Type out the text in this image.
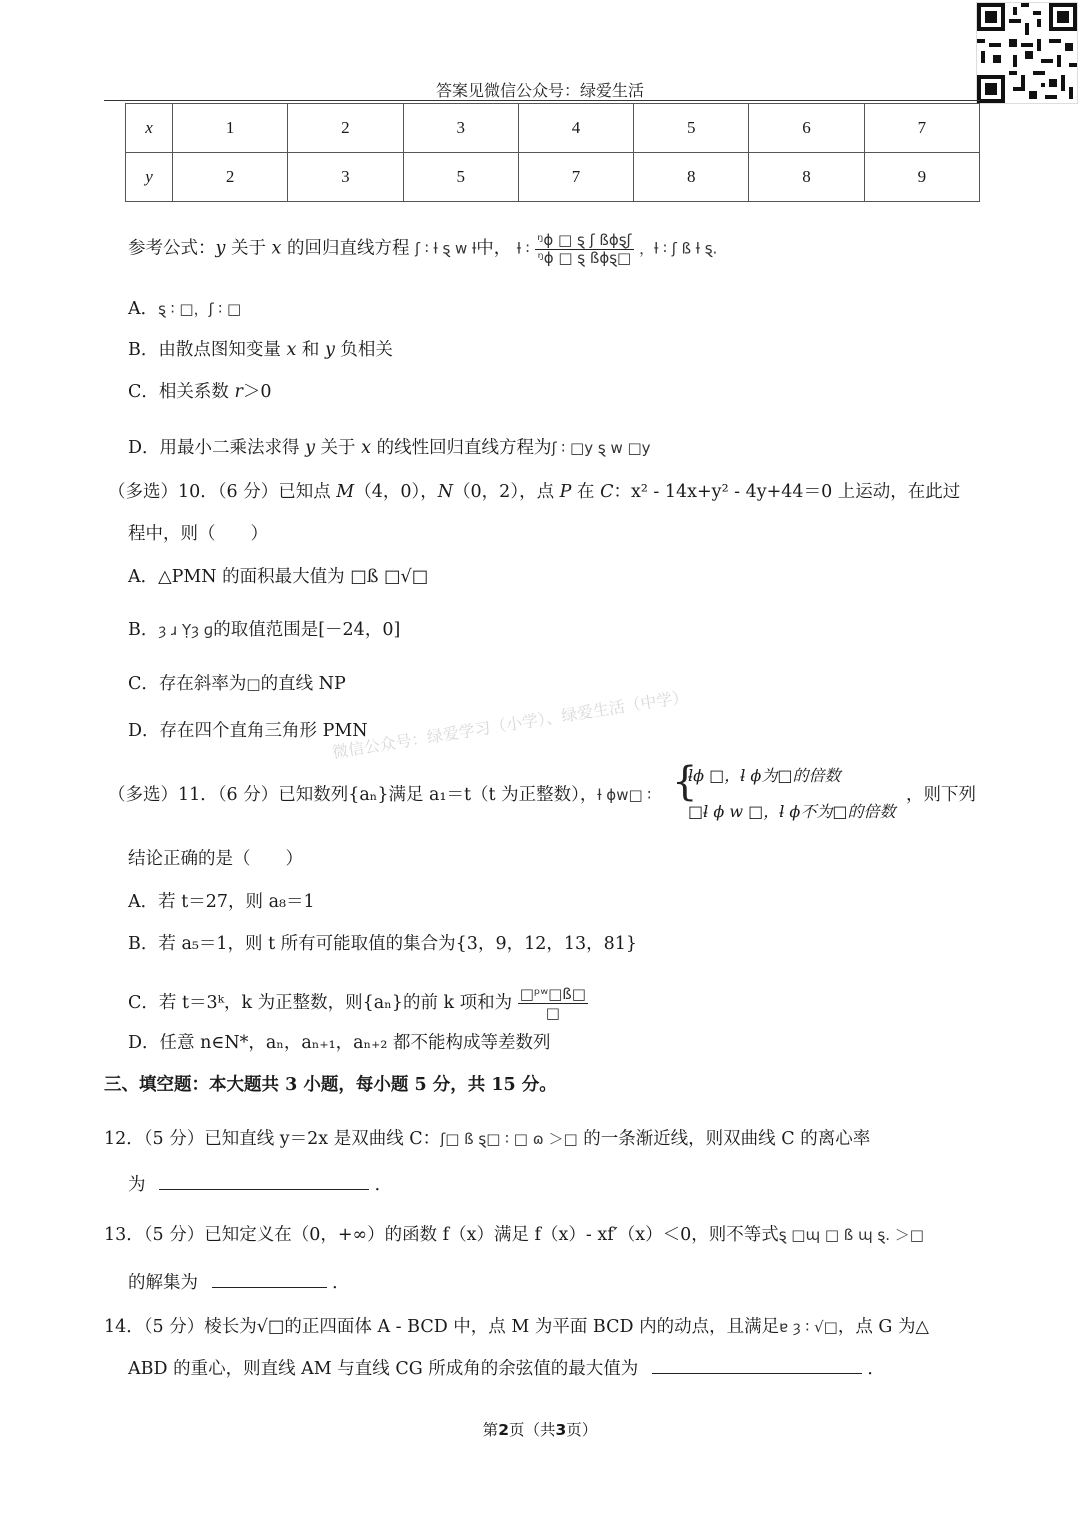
答案见微信公众号：绿爱生活
x	1	2	3	4	5	6	7
y	2	3	5	7	8	8	9
参考公式：y 关于 x 的回归直线方程 ʃ ∶ ƚ ȿ w ƚ中， ƚ ∶ ᵑϕ □ ȿ ʃ ßϕȿʃ
ᵑϕ □ ȿ ßϕȿ□ ，ƚ ∶ ʃ ß ƚ ȿ.
A．ȿ ∶ □，ʃ ∶ □
B．由散点图知变量 x 和 y 负相关
C．相关系数 r＞0
D．用最小二乘法求得 y 关于 x 的线性回归直线方程为ʃ ∶ □y ȿ w □y
（多选）10．（6 分）已知点 M（4，0），N（0，2），点 P 在 C：x² - 14x+y² - 4y+44＝0 上运动，在此过
程中，则（　　）
A．△PMN 的面积最大值为 □ß □√□
B．ȝ ɹ Ỵȝ ɡ的取值范围是[－24，0]
C．存在斜率为□的直线 NP
D．存在四个直角三角形 PMN
微信公众号：绿爱学习（小学）、绿爱生活（中学）
（多选）11．（6 分）已知数列{aₙ}满足 a₁＝t（t 为正整数），ƚ ϕw□ ∶ {
ƚϕ □，ƚ ϕ为□的倍数
□ƚ ϕ w □，ƚ ϕ不为□的倍数
，则下列
结论正确的是（　　）
A．若 t＝27，则 a₈＝1
B．若 a₅＝1，则 t 所有可能取值的集合为{3，9，12，13，81}
C．若 t＝3ᵏ，k 为正整数，则{aₙ}的前 k 项和为 □ᵖʷ□ß□
□
D．任意 n∈N*，aₙ，aₙ₊₁，aₙ₊₂ 都不能构成等差数列
三、填空题：本大题共 3 小题，每小题 5 分，共 15 分。
12．（5 分）已知直线 y＝2x 是双曲线 C：ʃ□ ß ȿ□ ∶ □ ɷ ＞□ 的一条渐近线，则双曲线 C 的离心率
为	．
13．（5 分）已知定义在（0，+∞）的函数 f（x）满足 f（x）- xf′（x）＜0，则不等式ȿ □ɰ □ ß ɰ ȿ. ＞□
的解集为	．
14．（5 分）棱长为√□的正四面体 A - BCD 中，点 M 为平面 BCD 内的动点，且满足ɐ ȝ ∶ √□，点 G 为△
ABD 的重心，则直线 AM 与直线 CG 所成角的余弦值的最大值为	．
第2页（共3页）
